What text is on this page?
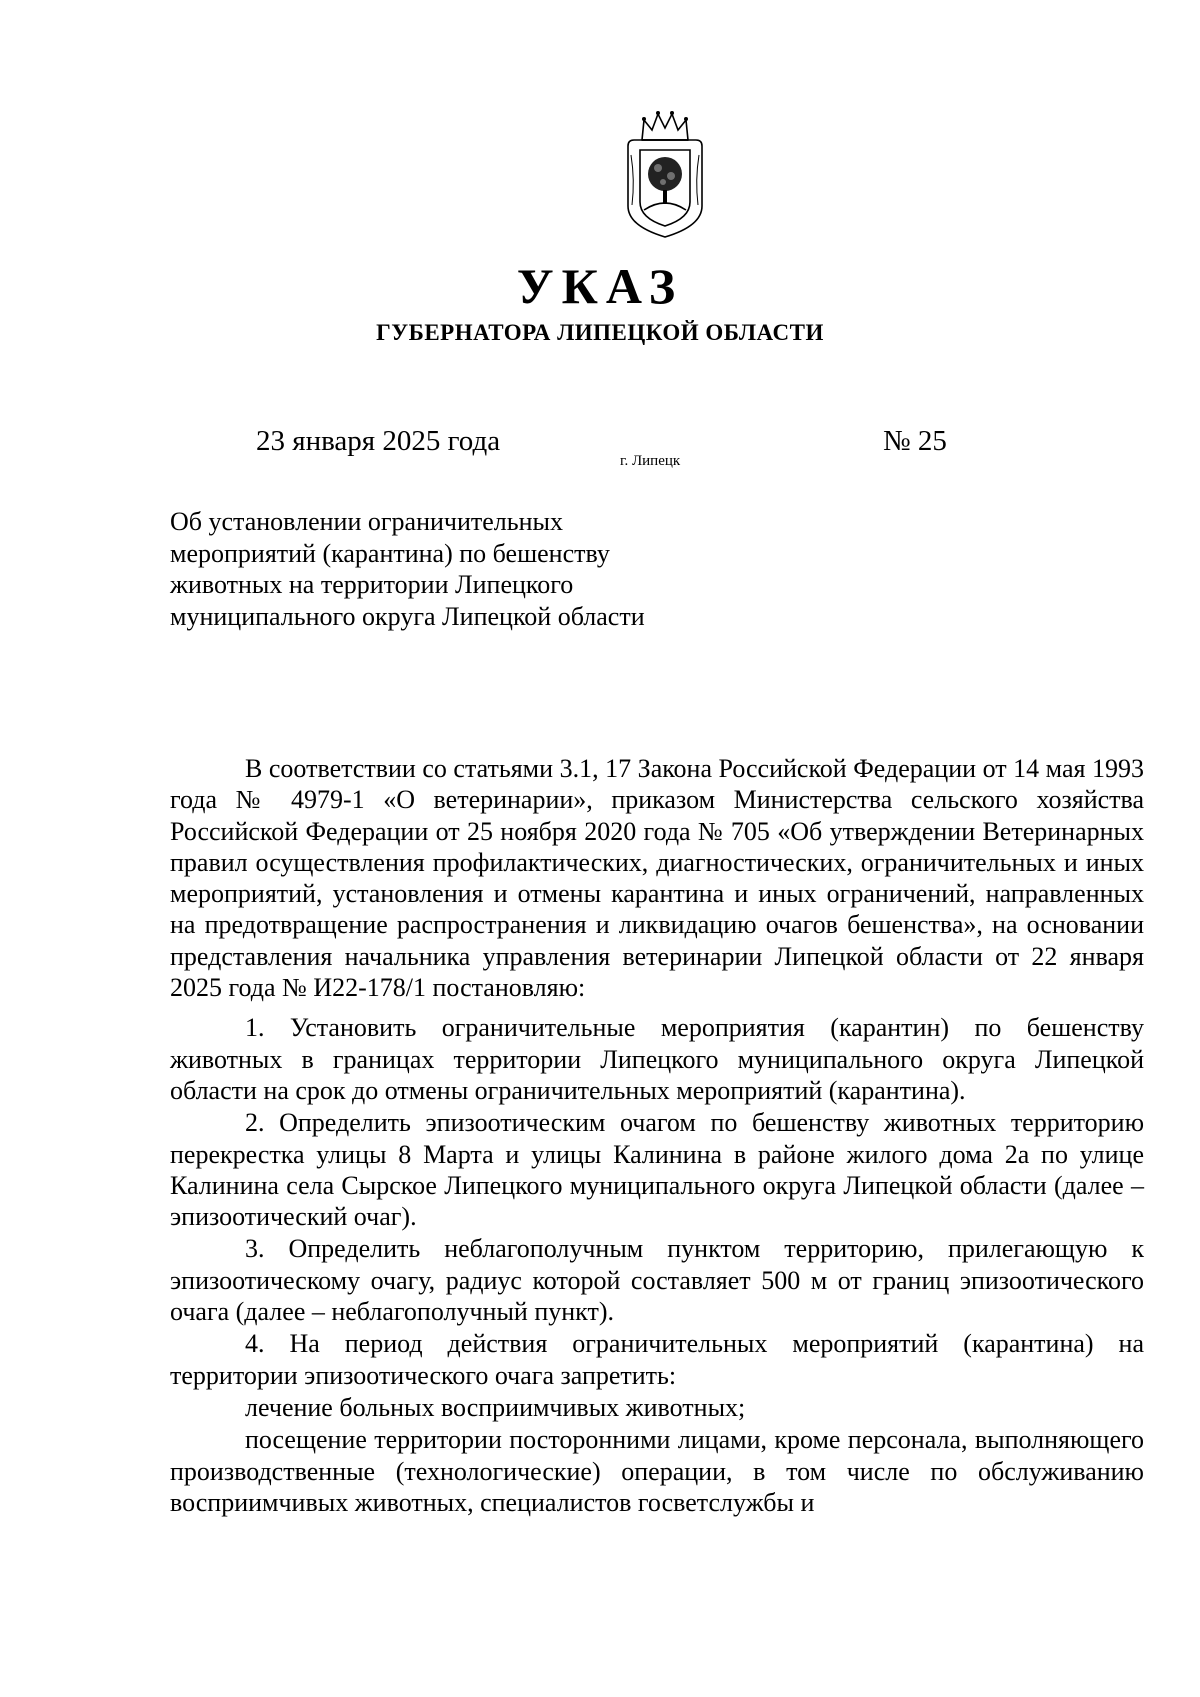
УКАЗ
ГУБЕРНАТОРА ЛИПЕЦКОЙ ОБЛАСТИ
23 января 2025 года
г. Липецк
№ 25
Об установлении ограничительных
мероприятий (карантина) по бешенству
животных на территории Липецкого
муниципального округа Липецкой области

В соответствии со статьями 3.1, 17 Закона Российской Федерации от 14 мая 1993 года № 4979-1 «О ветеринарии», приказом Министерства сельского хозяйства Российской Федерации от 25 ноября 2020 года № 705 «Об утверждении Ветеринарных правил осуществления профилактических, диагностических, ограничительных и иных мероприятий, установления и отмены карантина и иных ограничений, направленных на предотвращение распространения и ликвидацию очагов бешенства», на основании представления начальника управления ветеринарии Липецкой области от 22 января 2025 года № И22-178/1 постановляю:

1. Установить ограничительные мероприятия (карантин) по бешенству животных в границах территории Липецкого муниципального округа Липецкой области на срок до отмены ограничительных мероприятий (карантина).

2. Определить эпизоотическим очагом по бешенству животных территорию перекрестка улицы 8 Марта и улицы Калинина в районе жилого дома 2а по улице Калинина села Сырское Липецкого муниципального округа Липецкой области (далее – эпизоотический очаг).

3. Определить неблагополучным пунктом территорию, прилегающую к эпизоотическому очагу, радиус которой составляет 500 м от границ эпизоотического очага (далее – неблагополучный пункт).

4. На период действия ограничительных мероприятий (карантина) на территории эпизоотического очага запретить:

лечение больных восприимчивых животных;

посещение территории посторонними лицами, кроме персонала, выполняющего производственные (технологические) операции, в том числе по обслуживанию восприимчивых животных, специалистов госветслужбы и
